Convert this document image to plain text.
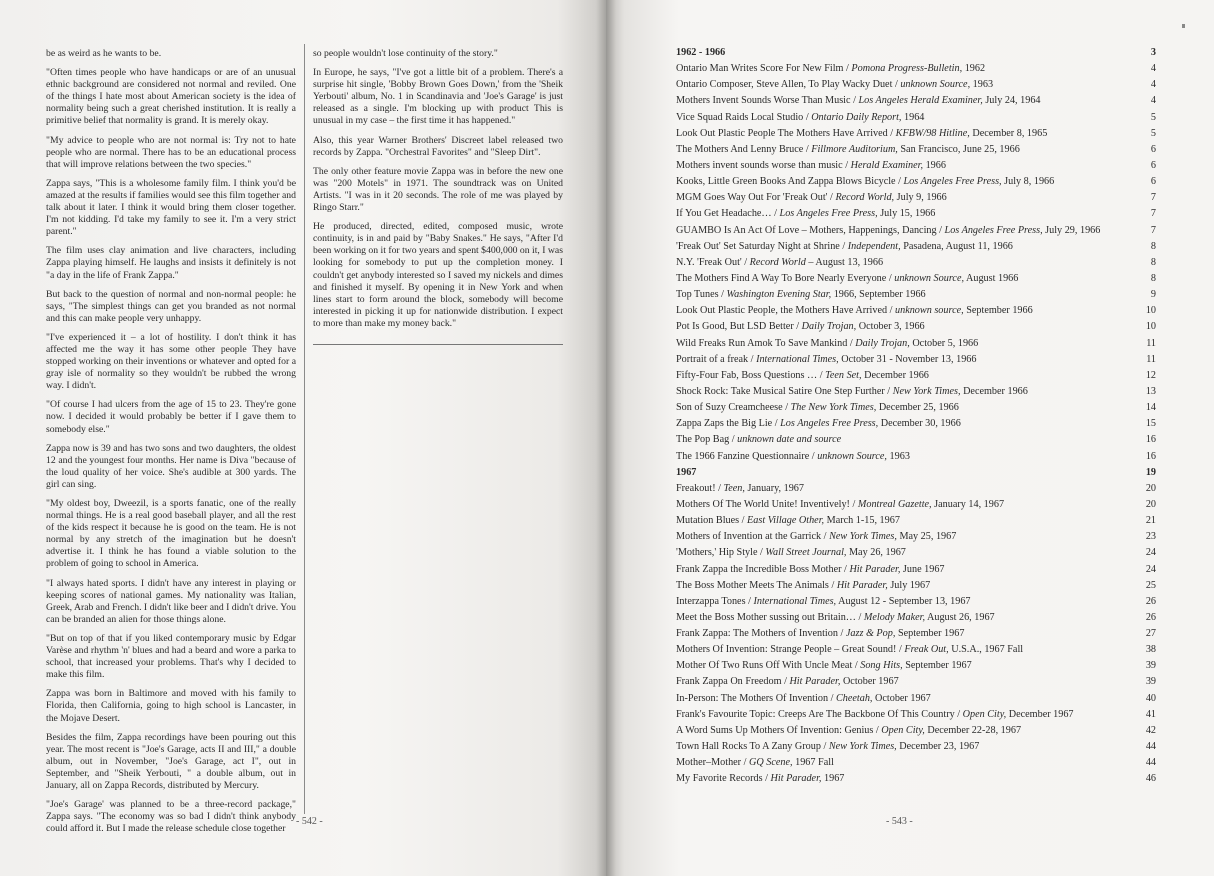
be as weird as he wants to be.

"Often times people who have handicaps or are of an unusual ethnic background are considered not normal and reviled. One of the things I hate most about American society is the idea of normality being such a great cherished institution. It is really a primitive belief that normality is grand. It is merely okay.

"My advice to people who are not normal is: Try not to hate people who are normal. There has to be an educational process that will improve relations between the two species."

Zappa says, "This is a wholesome family film. I think you'd be amazed at the results if families would see this film together and talk about it later. I think it would bring them closer together. I'm not kidding. I'd take my family to see it. I'm a very strict parent."

The film uses clay animation and live characters, including Zappa playing himself. He laughs and insists it definitely is not "a day in the life of Frank Zappa."

But back to the question of normal and non-normal people: he says, "The simplest things can get you branded as not normal and this can make people very unhappy.

"I've experienced it – a lot of hostility. I don't think it has affected me the way it has some other people They have stopped working on their inventions or whatever and opted for a gray isle of normality so they wouldn't be rubbed the wrong way. I didn't.

"Of course I had ulcers from the age of 15 to 23. They're gone now. I decided it would probably be better if I gave them to somebody else."

Zappa now is 39 and has two sons and two daughters, the oldest 12 and the youngest four months. Her name is Diva "because of the loud quality of her voice. She's audible at 300 yards. The girl can sing.

"My oldest boy, Dweezil, is a sports fanatic, one of the really normal things. He is a real good baseball player, and all the rest of the kids respect it because he is good on the team. He is not normal by any stretch of the imagination but he doesn't advertise it. I think he has found a viable solution to the problem of going to school in America.

"I always hated sports. I didn't have any interest in playing or keeping scores of national games. My nationality was Italian, Greek, Arab and French. I didn't like beer and I didn't drive. You can be branded an alien for those things alone.

"But on top of that if you liked contemporary music by Edgar Varèse and rhythm 'n' blues and had a beard and wore a parka to school, that increased your problems. That's why I decided to make this film.

Zappa was born in Baltimore and moved with his family to Florida, then California, going to high school is Lancaster, in the Mojave Desert.

Besides the film, Zappa recordings have been pouring out this year. The most recent is "Joe's Garage, acts II and III," a double album, out in November, "Joe's Garage, act I", out in September, and "Sheik Yerbouti, " a double album, out in January, all on Zappa Records, distributed by Mercury.

"Joe's Garage' was planned to be a three-record package," Zappa says. "The economy was so bad I didn't think anybody could afford it. But I made the release schedule close together

so people wouldn't lose continuity of the story."

In Europe, he says, "I've got a little bit of a problem. There's a surprise hit single, 'Bobby Brown Goes Down,' from the 'Sheik Yerbouti' album, No. 1 in Scandinavia and 'Joe's Garage' is just released as a single. I'm blocking up with product This is unusual in my case – the first time it has happened."

Also, this year Warner Brothers' Discreet label released two records by Zappa. "Orchestral Favorites" and "Sleep Dirt".

The only other feature movie Zappa was in before the new one was "200 Motels" in 1971. The soundtrack was on United Artists. "I was in it 20 seconds. The role of me was played by Ringo Starr."

He produced, directed, edited, composed music, wrote continuity, is in and paid by "Baby Snakes." He says, "After I'd been working on it for two years and spent $400,000 on it, I was looking for somebody to put up the completion money. I couldn't get anybody interested so I saved my nickels and dimes and finished it myself. By opening it in New York and when lines start to form around the block, somebody will become interested in picking it up for nationwide distribution. I expect to more than make my money back."

- 542 -
1962 - 1966	3
Ontario Man Writes Score For New Film / Pomona Progress-Bulletin, 1962	4
Ontario Composer, Steve Allen, To Play Wacky Duet / unknown Source, 1963	4
Mothers Invent Sounds Worse Than Music / Los Angeles Herald Examiner, July 24, 1964	4
Vice Squad Raids Local Studio / Ontario Daily Report, 1964	5
Look Out Plastic People The Mothers Have Arrived / KFBW/98 Hitline, December 8, 1965	5
The Mothers And Lenny Bruce / Fillmore Auditorium, San Francisco, June 25, 1966	6
Mothers invent sounds worse than music / Herald Examiner, 1966	6
Kooks, Little Green Books And Zappa Blows Bicycle / Los Angeles Free Press, July 8, 1966	6
MGM Goes Way Out For 'Freak Out' / Record World, July 9, 1966	7
If You Get Headache… / Los Angeles Free Press, July 15, 1966	7
GUAMBO Is An Act Of Love – Mothers, Happenings, Dancing / Los Angeles Free Press, July 29, 1966	7
'Freak Out' Set Saturday Night at Shrine / Independent, Pasadena, August 11, 1966	8
N.Y. 'Freak Out' / Record World – August 13, 1966	8
The Mothers Find A Way To Bore Nearly Everyone / unknown Source, August 1966	8
Top Tunes / Washington Evening Star, 1966, September 1966	9
Look Out Plastic People, the Mothers Have Arrived / unknown source, September 1966	10
Pot Is Good, But LSD Better / Daily Trojan, October 3, 1966	10
Wild Freaks Run Amok To Save Mankind / Daily Trojan, October 5, 1966	11
Portrait of a freak / International Times, October 31 - November 13, 1966	11
Fifty-Four Fab, Boss Questions … / Teen Set, December 1966	12
Shock Rock: Take Musical Satire One Step Further / New York Times, December 1966	13
Son of Suzy Creamcheese / The New York Times, December 25, 1966	14
Zappa Zaps the Big Lie / Los Angeles Free Press, December 30, 1966	15
The Pop Bag / unknown date and source	16
The 1966 Fanzine Questionnaire / unknown Source, 1963	16
1967	19
Freakout! / Teen, January, 1967	20
Mothers Of The World Unite! Inventively! / Montreal Gazette, January 14, 1967	20
Mutation Blues / East Village Other, March 1-15, 1967	21
Mothers of Invention at the Garrick / New York Times, May 25, 1967	23
'Mothers,' Hip Style / Wall Street Journal, May 26, 1967	24
Frank Zappa the Incredible Boss Mother / Hit Parader, June 1967	24
The Boss Mother Meets The Animals / Hit Parader, July 1967	25
Interzappa Tones / International Times, August 12 - September 13, 1967	26
Meet the Boss Mother sussing out Britain… / Melody Maker, August 26, 1967	26
Frank Zappa: The Mothers of Invention / Jazz & Pop, September 1967	27
Mothers Of Invention: Strange People – Great Sound! / Freak Out, U.S.A., 1967 Fall	38
Mother Of Two Runs Off With Uncle Meat / Song Hits, September 1967	39
Frank Zappa On Freedom / Hit Parader, October 1967	39
In-Person: The Mothers Of Invention / Cheetah, October 1967	40
Frank's Favourite Topic: Creeps Are The Backbone Of This Country / Open City, December 1967	41
A Word Sums Up Mothers Of Invention: Genius / Open City, December 22-28, 1967	42
Town Hall Rocks To A Zany Group / New York Times, December 23, 1967	44
Mother–Mother / GQ Scene, 1967 Fall	44
My Favorite Records / Hit Parader, 1967	46
- 543 -
